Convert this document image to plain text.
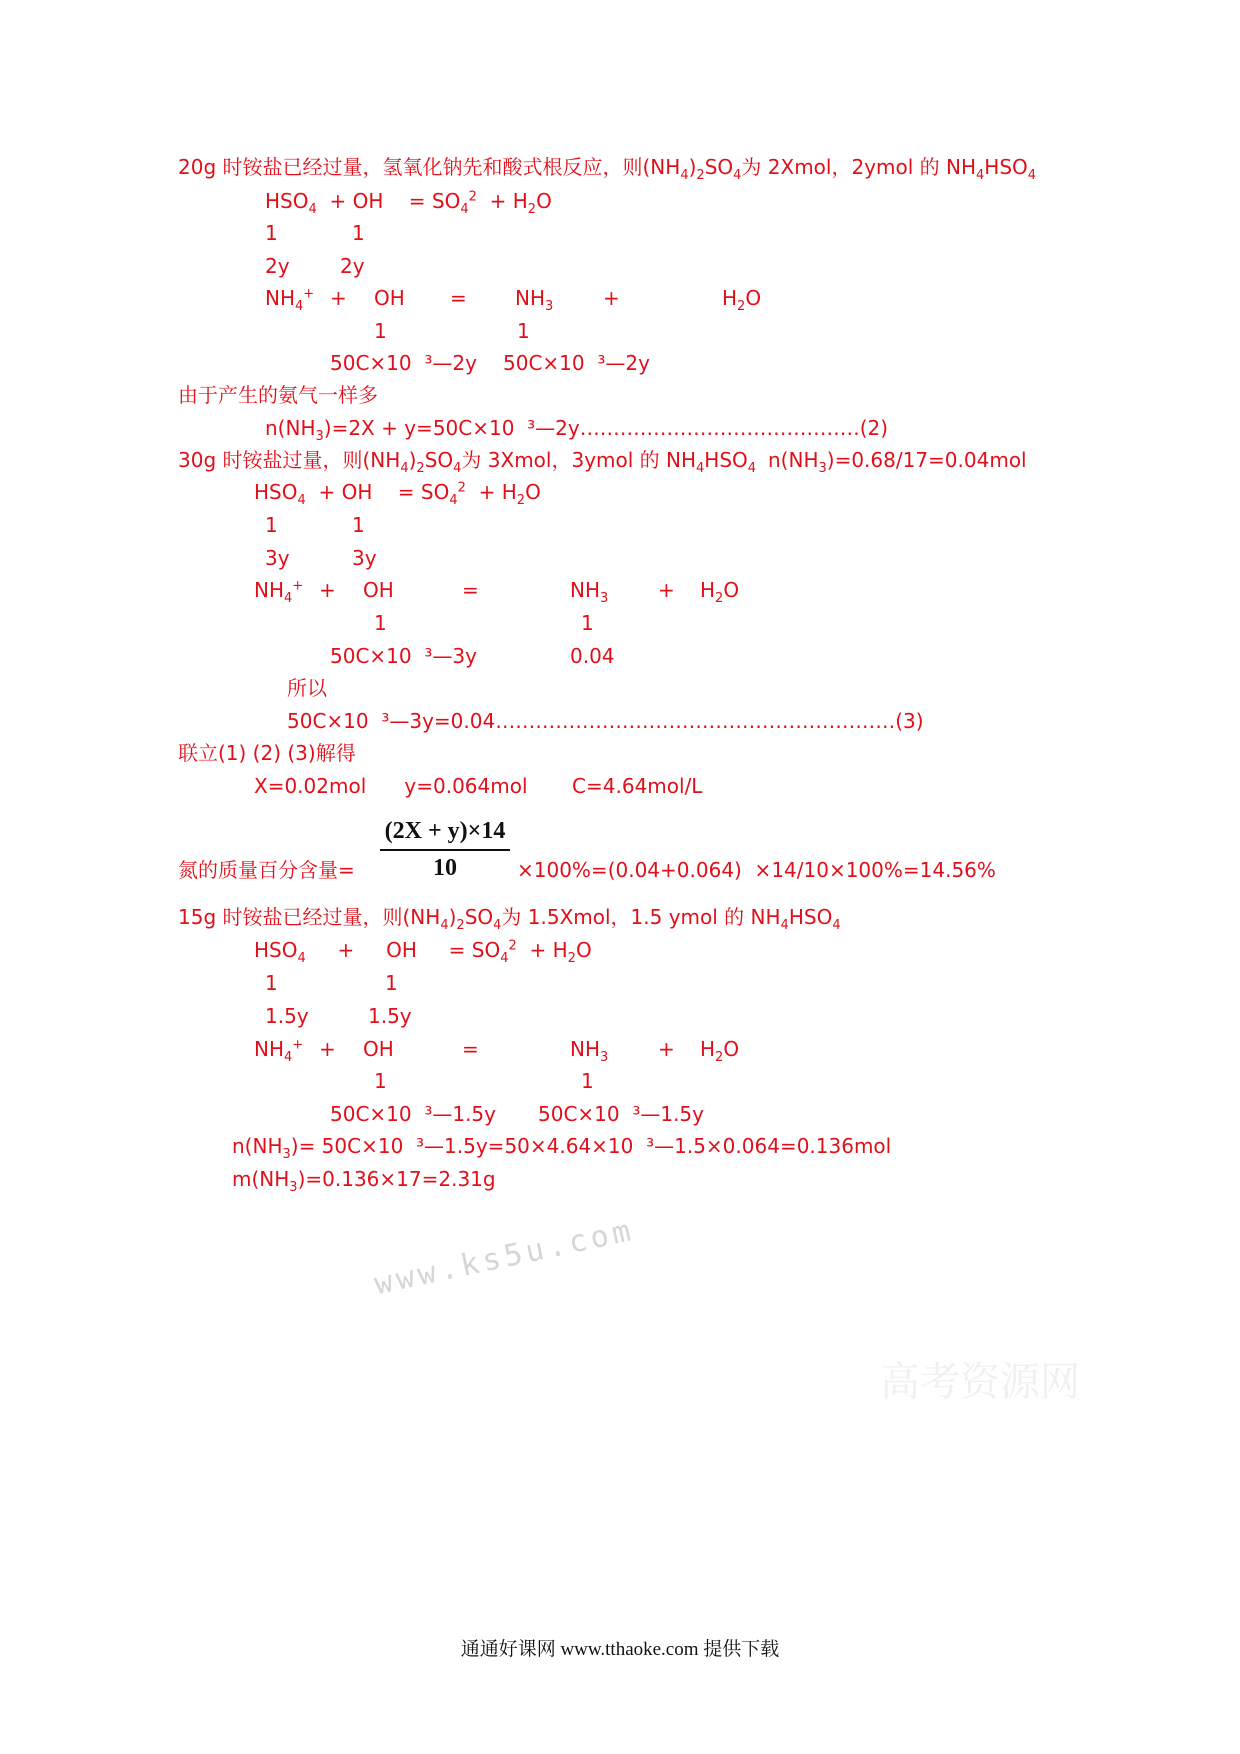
20g 时铵盐已经过量，氢氧化钠先和酸式根反应，则$(NH_4)_2SO_4$为 2Xmol，2ymol 的 $NH_4HSO_4$
$HSO_4$  + OH    = $SO_4^2 + H_2O$
1	1
2y	2y
$NH_4^+$ + OH = $NH_3$ +	$H_2O$
1	1
50C×10  ³—2y 50C×10  ³—2y
由于产生的氨气一样多
$n(NH_3)=2X + y=50C\times 10$  ³—2y……………………………………(2)
30g 时铵盐过量，则$(NH_4)_2SO_4$为 3Xmol，3ymol 的 $NH_4HSO_4$ $n(NH_3)=0.68/17=0.04mol$
$HSO_4$  + OH    = $SO_4^2 + H_2O$
1	1
3y	3y
$NH_4^+$ + OH	=	$NH_3 + H_2O$
1	1
50C×10  ³—3y	0.04
所以
50C×10  ³—3y=0.04……………………………………………………(3)
联立(1) (2) (3)解得
X=0.02mol      y=0.064mol       C=4.64mol/L
$\frac{(2X + y)\times 14}{10}$
氮的质量百分含量=	×100%=(0.04+0.064)  ×14/10×100%=14.56%
15g 时铵盐已经过量，则$(NH_4)_2SO_4$为 1.5Xmol，1.5 ymol 的 $NH_4HSO_4$
$HSO_4$     +     OH     = $SO_4^2 + H_2O$
1	1
1.5y	1.5y
$NH_4^+$ + OH	=	$NH_3 + H_2O$
1	1
50C×10  ³—1.5y 50C×10  ³—1.5y
$n(NH_3)= 50C\times 10$  ³—1.5y=50×4.64×10  ³—1.5×0.064=0.136mol
$m(NH_3)=0.136\times 17=2.31g$
www.ks5u.com
高考资源网
通通好课网 www.tthaoke.com 提供下载
